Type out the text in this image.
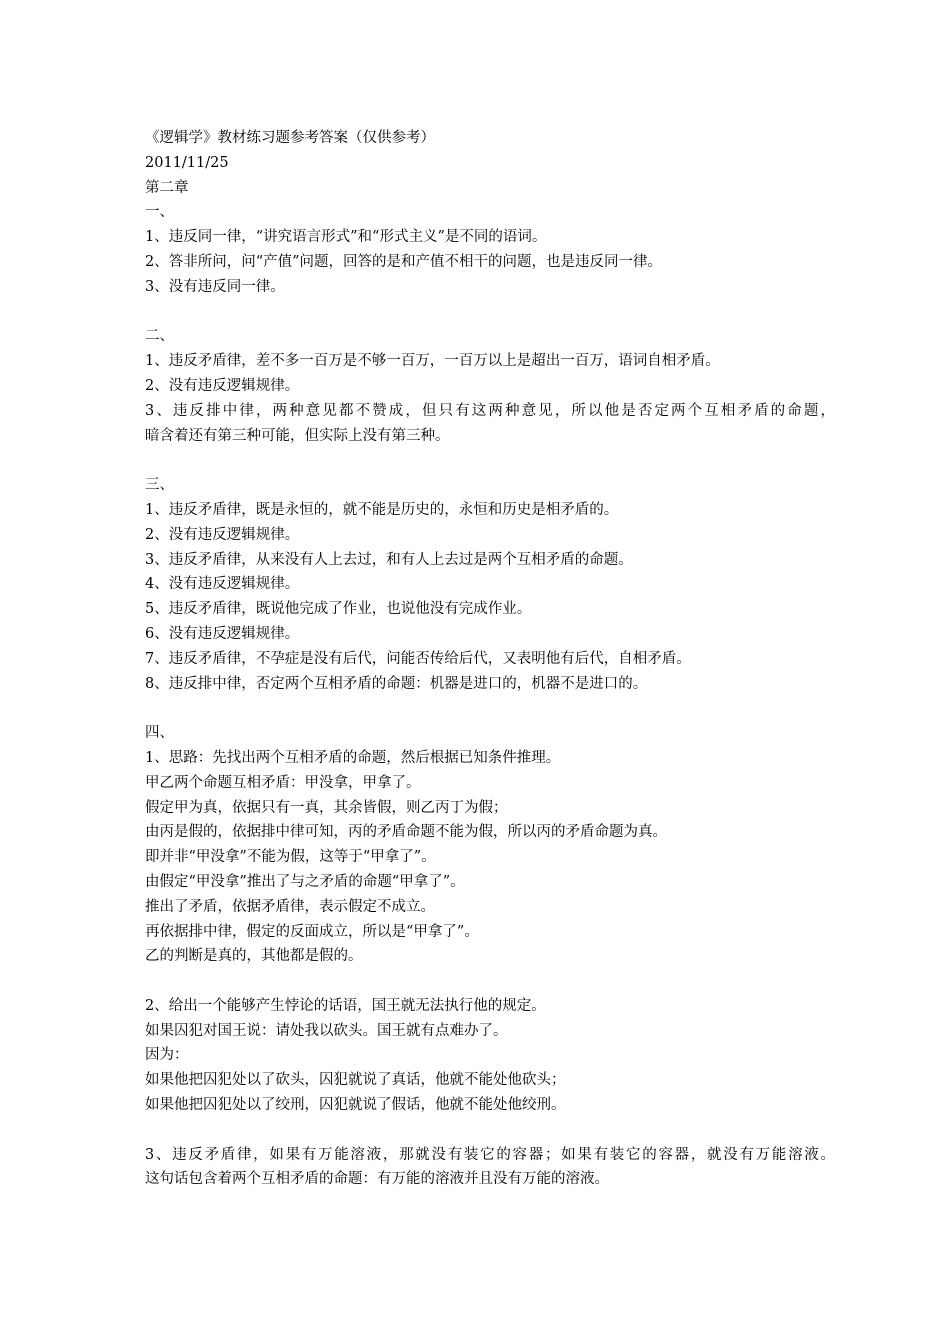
《逻辑学》教材练习题参考答案（仅供参考）

2011/11/25

第二章

一、

1、违反同一律，“讲究语言形式”和“形式主义”是不同的语词。

2、答非所问，问“产值”问题，回答的是和产值不相干的问题，也是违反同一律。

3、没有违反同一律。

二、

1、违反矛盾律，差不多一百万是不够一百万，一百万以上是超出一百万，语词自相矛盾。

2、没有违反逻辑规律。

3、违反排中律，两种意见都不赞成，但只有这两种意见，所以他是否定两个互相矛盾的命题，

暗含着还有第三种可能，但实际上没有第三种。

三、

1、违反矛盾律，既是永恒的，就不能是历史的，永恒和历史是相矛盾的。

2、没有违反逻辑规律。

3、违反矛盾律，从来没有人上去过，和有人上去过是两个互相矛盾的命题。

4、没有违反逻辑规律。

5、违反矛盾律，既说他完成了作业，也说他没有完成作业。

6、没有违反逻辑规律。

7、违反矛盾律，不孕症是没有后代，问能否传给后代，又表明他有后代，自相矛盾。

8、违反排中律，否定两个互相矛盾的命题：机器是进口的，机器不是进口的。

四、

1、思路：先找出两个互相矛盾的命题，然后根据已知条件推理。

甲乙两个命题互相矛盾：甲没拿，甲拿了。

假定甲为真，依据只有一真，其余皆假，则乙丙丁为假；

由丙是假的，依据排中律可知，丙的矛盾命题不能为假，所以丙的矛盾命题为真。

即并非“甲没拿”不能为假，这等于“甲拿了”。

由假定“甲没拿”推出了与之矛盾的命题“甲拿了”。

推出了矛盾，依据矛盾律，表示假定不成立。

再依据排中律，假定的反面成立，所以是“甲拿了”。

乙的判断是真的，其他都是假的。

2、给出一个能够产生悖论的话语，国王就无法执行他的规定。

如果囚犯对国王说：请处我以砍头。国王就有点难办了。

因为：

如果他把囚犯处以了砍头，囚犯就说了真话，他就不能处他砍头；

如果他把囚犯处以了绞刑，囚犯就说了假话，他就不能处他绞刑。

3、违反矛盾律，如果有万能溶液，那就没有装它的容器；如果有装它的容器，就没有万能溶液。

这句话包含着两个互相矛盾的命题：有万能的溶液并且没有万能的溶液。
